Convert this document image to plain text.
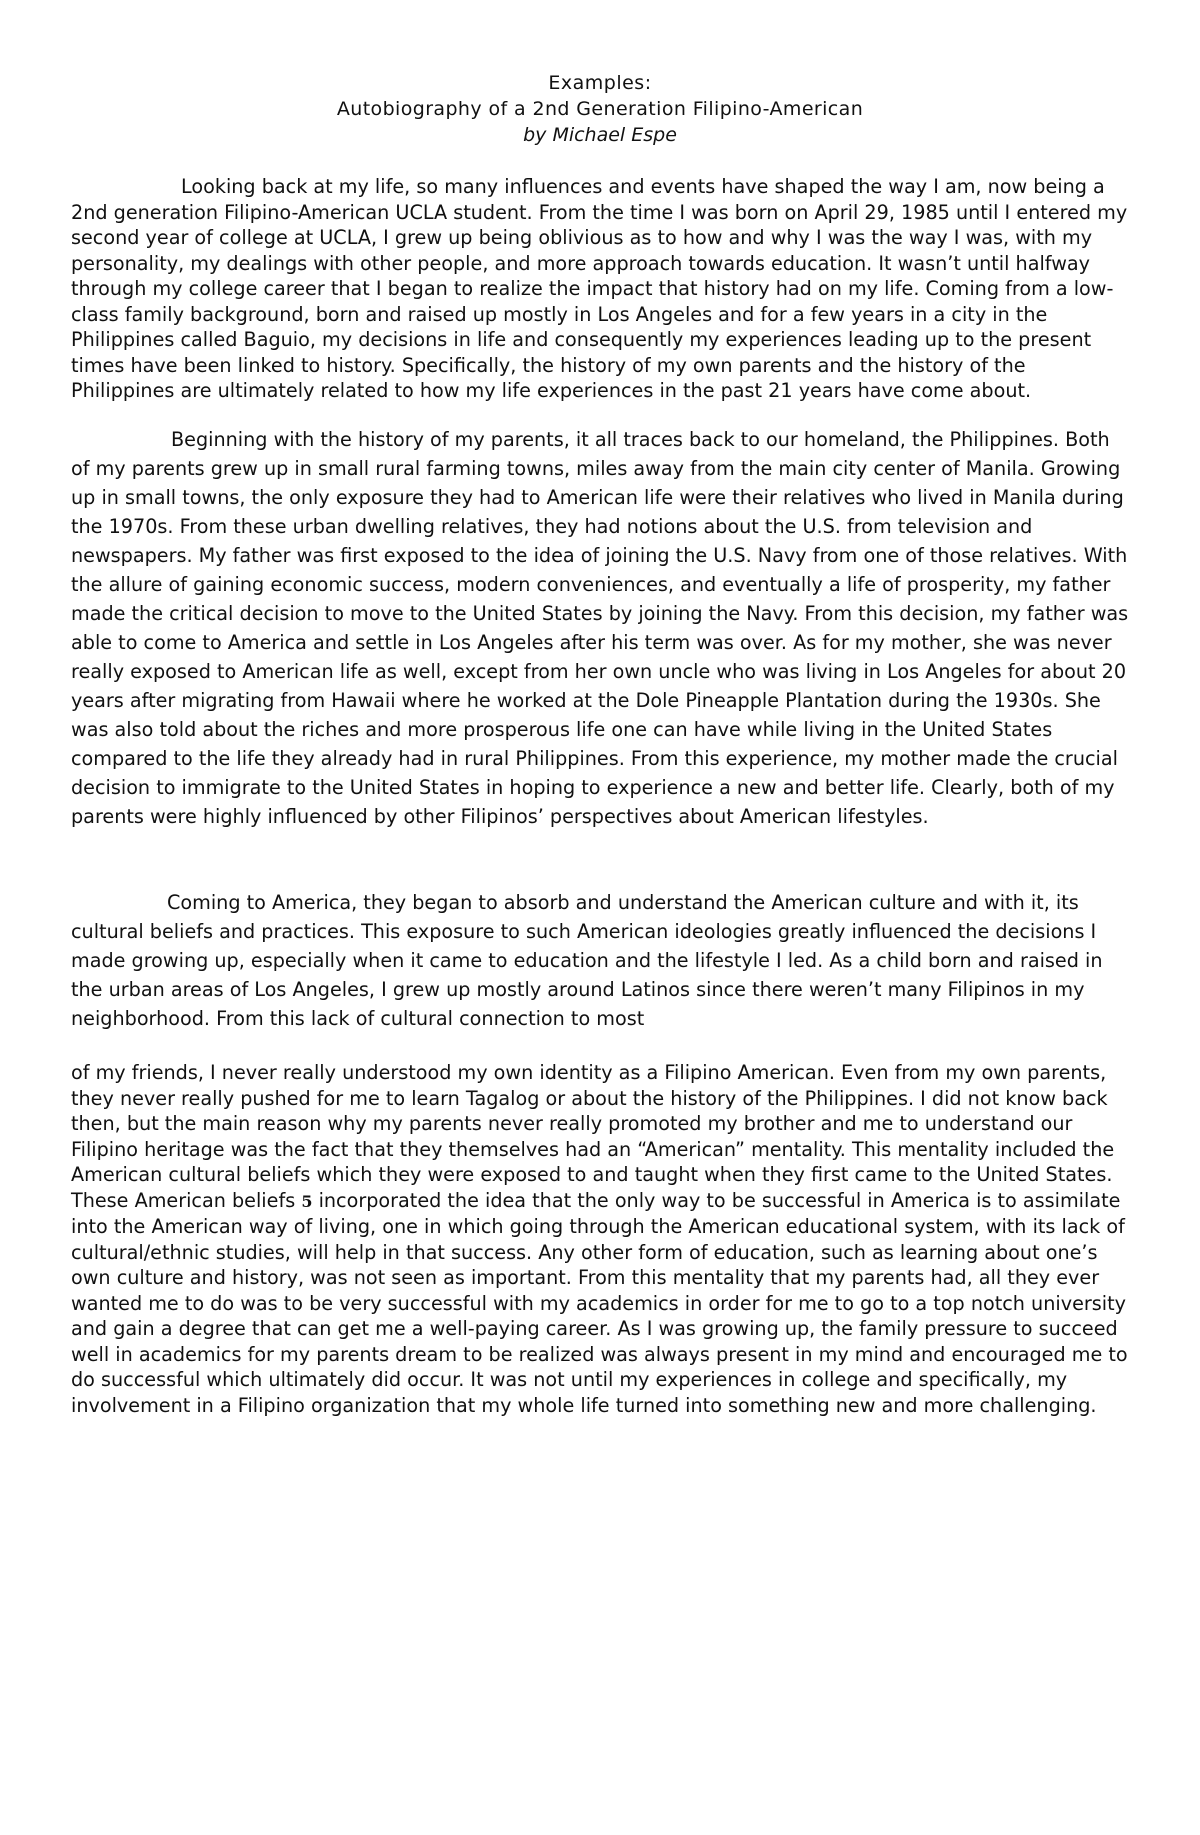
Examples:
Autobiography of a 2nd Generation Filipino-American
by Michael Espe

Looking back at my life, so many influences and events have shaped the way I am, now being a 2nd generation Filipino-American UCLA student. From the time I was born on April 29, 1985 until I entered my second year of college at UCLA, I grew up being oblivious as to how and why I was the way I was, with my personality, my dealings with other people, and more approach towards education. It wasn’t until halfway through my college career that I began to realize the impact that history had on my life. Coming from a low-class family background, born and raised up mostly in Los Angeles and for a few years in a city in the Philippines called Baguio, my decisions in life and consequently my experiences leading up to the present times have been linked to history. Specifically, the history of my own parents and the history of the Philippines are ultimately related to how my life experiences in the past 21 years have come about.

Beginning with the history of my parents, it all traces back to our homeland, the Philippines. Both of my parents grew up in small rural farming towns, miles away from the main city center of Manila. Growing up in small towns, the only exposure they had to American life were their relatives who lived in Manila during the 1970s. From these urban dwelling relatives, they had notions about the U.S. from television and newspapers. My father was first exposed to the idea of joining the U.S. Navy from one of those relatives. With the allure of gaining economic success, modern conveniences, and eventually a life of prosperity, my father made the critical decision to move to the United States by joining the Navy. From this decision, my father was able to come to America and settle in Los Angeles after his term was over. As for my mother, she was never really exposed to American life as well, except from her own uncle who was living in Los Angeles for about 20 years after migrating from Hawaii where he worked at the Dole Pineapple Plantation during the 1930s. She was also told about the riches and more prosperous life one can have while living in the United States compared to the life they already had in rural Philippines. From this experience, my mother made the crucial decision to immigrate to the United States in hoping to experience a new and better life. Clearly, both of my parents were highly influenced by other Filipinos’ perspectives about American lifestyles.

Coming to America, they began to absorb and understand the American culture and with it, its cultural beliefs and practices. This exposure to such American ideologies greatly influenced the decisions I made growing up, especially when it came to education and the lifestyle I led. As a child born and raised in the urban areas of Los Angeles, I grew up mostly around Latinos since there weren’t many Filipinos in my neighborhood. From this lack of cultural connection to most

of my friends, I never really understood my own identity as a Filipino American. Even from my own parents, they never really pushed for me to learn Tagalog or about the history of the Philippines. I did not know back then, but the main reason why my parents never really promoted my brother and me to understand our Filipino heritage was the fact that they themselves had an “American” mentality. This mentality included the American cultural beliefs which they were exposed to and taught when they first came to the United States. These American beliefs 5 incorporated the idea that the only way to be successful in America is to assimilate into the American way of living, one in which going through the American educational system, with its lack of cultural/ethnic studies, will help in that success. Any other form of education, such as learning about one’s own culture and history, was not seen as important. From this mentality that my parents had, all they ever wanted me to do was to be very successful with my academics in order for me to go to a top notch university and gain a degree that can get me a well-paying career. As I was growing up, the family pressure to succeed well in academics for my parents dream to be realized was always present in my mind and encouraged me to do successful which ultimately did occur. It was not until my experiences in college and specifically, my involvement in a Filipino organization that my whole life turned into something new and more challenging.
